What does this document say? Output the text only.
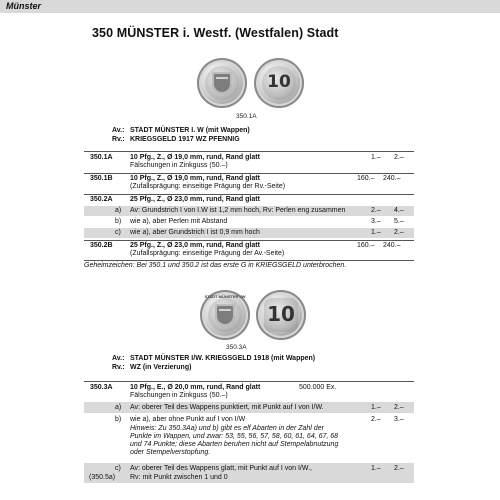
Münster
350 MÜNSTER i. Westf. (Westfalen) Stadt
10
350.1A
Av.: STADT MÜNSTER I. W (mit Wappen)
Rv.: KRIEGSGELD 1917 WZ PFENNIG
350.1A 10 Pfg., Z., Ø 19,0 mm, rund, Rand glatt
Fälschungen in Zinkguss (50.–)
1.– 2.–
350.1B 10 Pfg., Z., Ø 19,0 mm, rund, Rand glatt
(Zufallsprägung: einseitige Prägung der Rv.-Seite)
160.– 240.–
350.2A 25 Pfg., Z., Ø 23,0 mm, rund, Rand glatt
a) Av: Grundstrich I von I.W ist 1,2 mm hoch, Rv: Perlen eng zusammen	2.– 4.–
b) wie a), aber Perlen mit Abstand	3.– 5.–
c) wie a), aber Grundstrich I ist 0,9 mm hoch	1.– 2.–
350.2B 25 Pfg., Z., Ø 23,0 mm, rund, Rand glatt
(Zufallsprägung: einseitige Prägung der Av.-Seite)
160.– 240.–
Geheimzeichen: Bei 350.1 und 350.2 ist das erste G in KRIEGSGELD unterbrochen.
STADT MÜNSTER I/W
10
350.3A
Av.: STADT MÜNSTER I/W. KRIEGSGELD 1918 (mit Wappen)
Rv.: WZ (in Verzierung)
350.3A 10 Pfg., E., Ø 20,0 mm, rund, Rand glatt	500.000 Ex.
Fälschungen in Zinkguss (50.–)
a) Av: oberer Teil des Wappens punktiert, mit Punkt auf I von I/W.	1.– 2.–
b) wie a), aber ohne Punkt auf I von I/W	2.– 3.–
Hinweis: Zu 350.3Aa) und b) gibt es elf Abarten in der Zahl der
Punkte im Wappen, und zwar: 53, 55, 56, 57, 58, 60, 61, 64, 67, 68
und 74 Punkte; diese Abarten beruhen nicht auf Stempelabnutzung
oder Stempelverstopfung.
c) Av: oberer Teil des Wappens glatt, mit Punkt auf I von I/W.,	1.– 2.–
(350.5a) Rv: mit Punkt zwischen 1 und 0
